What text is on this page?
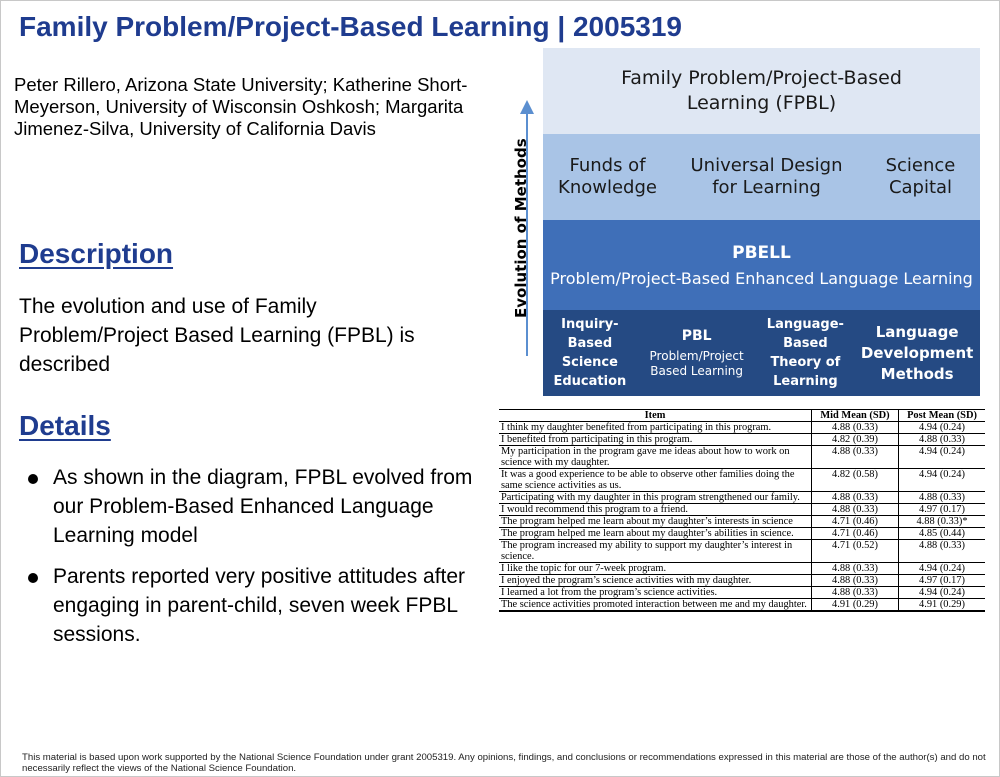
Family Problem/Project-Based Learning | 2005319
Peter Rillero, Arizona State University; Katherine Short-Meyerson, University of Wisconsin Oshkosh; Margarita Jimenez-Silva, University of California Davis
Description
The evolution and use of Family Problem/Project Based Learning (FPBL) is described
Details
As shown in the diagram, FPBL evolved from our Problem-Based Enhanced Language Learning model
Parents reported very positive attitudes after engaging in parent-child, seven week FPBL sessions.
Evolution of Methods
Family Problem/Project-Based Learning (FPBL)
Funds of Knowledge
Universal Design for Learning
Science Capital
PBELL
Problem/Project-Based Enhanced Language Learning
Inquiry-Based Science Education
PBL
Problem/Project Based Learning
Language-Based Theory of Learning
Language Development Methods
Item	Mid Mean (SD)	Post Mean (SD)
I think my daughter benefited from participating in this program.	4.88 (0.33)	4.94 (0.24)
I benefited from participating in this program.	4.82 (0.39)	4.88 (0.33)
My participation in the program gave me ideas about how to work on science with my daughter.	4.88 (0.33)	4.94 (0.24)
It was a good experience to be able to observe other families doing the same science activities as us.	4.82 (0.58)	4.94 (0.24)
Participating with my daughter in this program strengthened our family.	4.88 (0.33)	4.88 (0.33)
I would recommend this program to a friend.	4.88 (0.33)	4.97 (0.17)
The program helped me learn about my daughter’s interests in science	4.71 (0.46)	4.88 (0.33)*
The program helped me learn about my daughter’s abilities in science.	4.71 (0.46)	4.85 (0.44)
The program increased my ability to support my daughter’s interest in science.	4.71 (0.52)	4.88 (0.33)
I like the topic for our 7-week program.	4.88 (0.33)	4.94 (0.24)
I enjoyed the program’s science activities with my daughter.	4.88 (0.33)	4.97 (0.17)
I learned a lot from the program’s science activities.	4.88 (0.33)	4.94 (0.24)
The science activities promoted interaction between me and my daughter.	4.91 (0.29)	4.91 (0.29)
This material is based upon work supported by the National Science Foundation under grant 2005319. Any opinions, findings, and conclusions or recommendations expressed in this material are those of the author(s) and do not necessarily reflect the views of the National Science Foundation.
